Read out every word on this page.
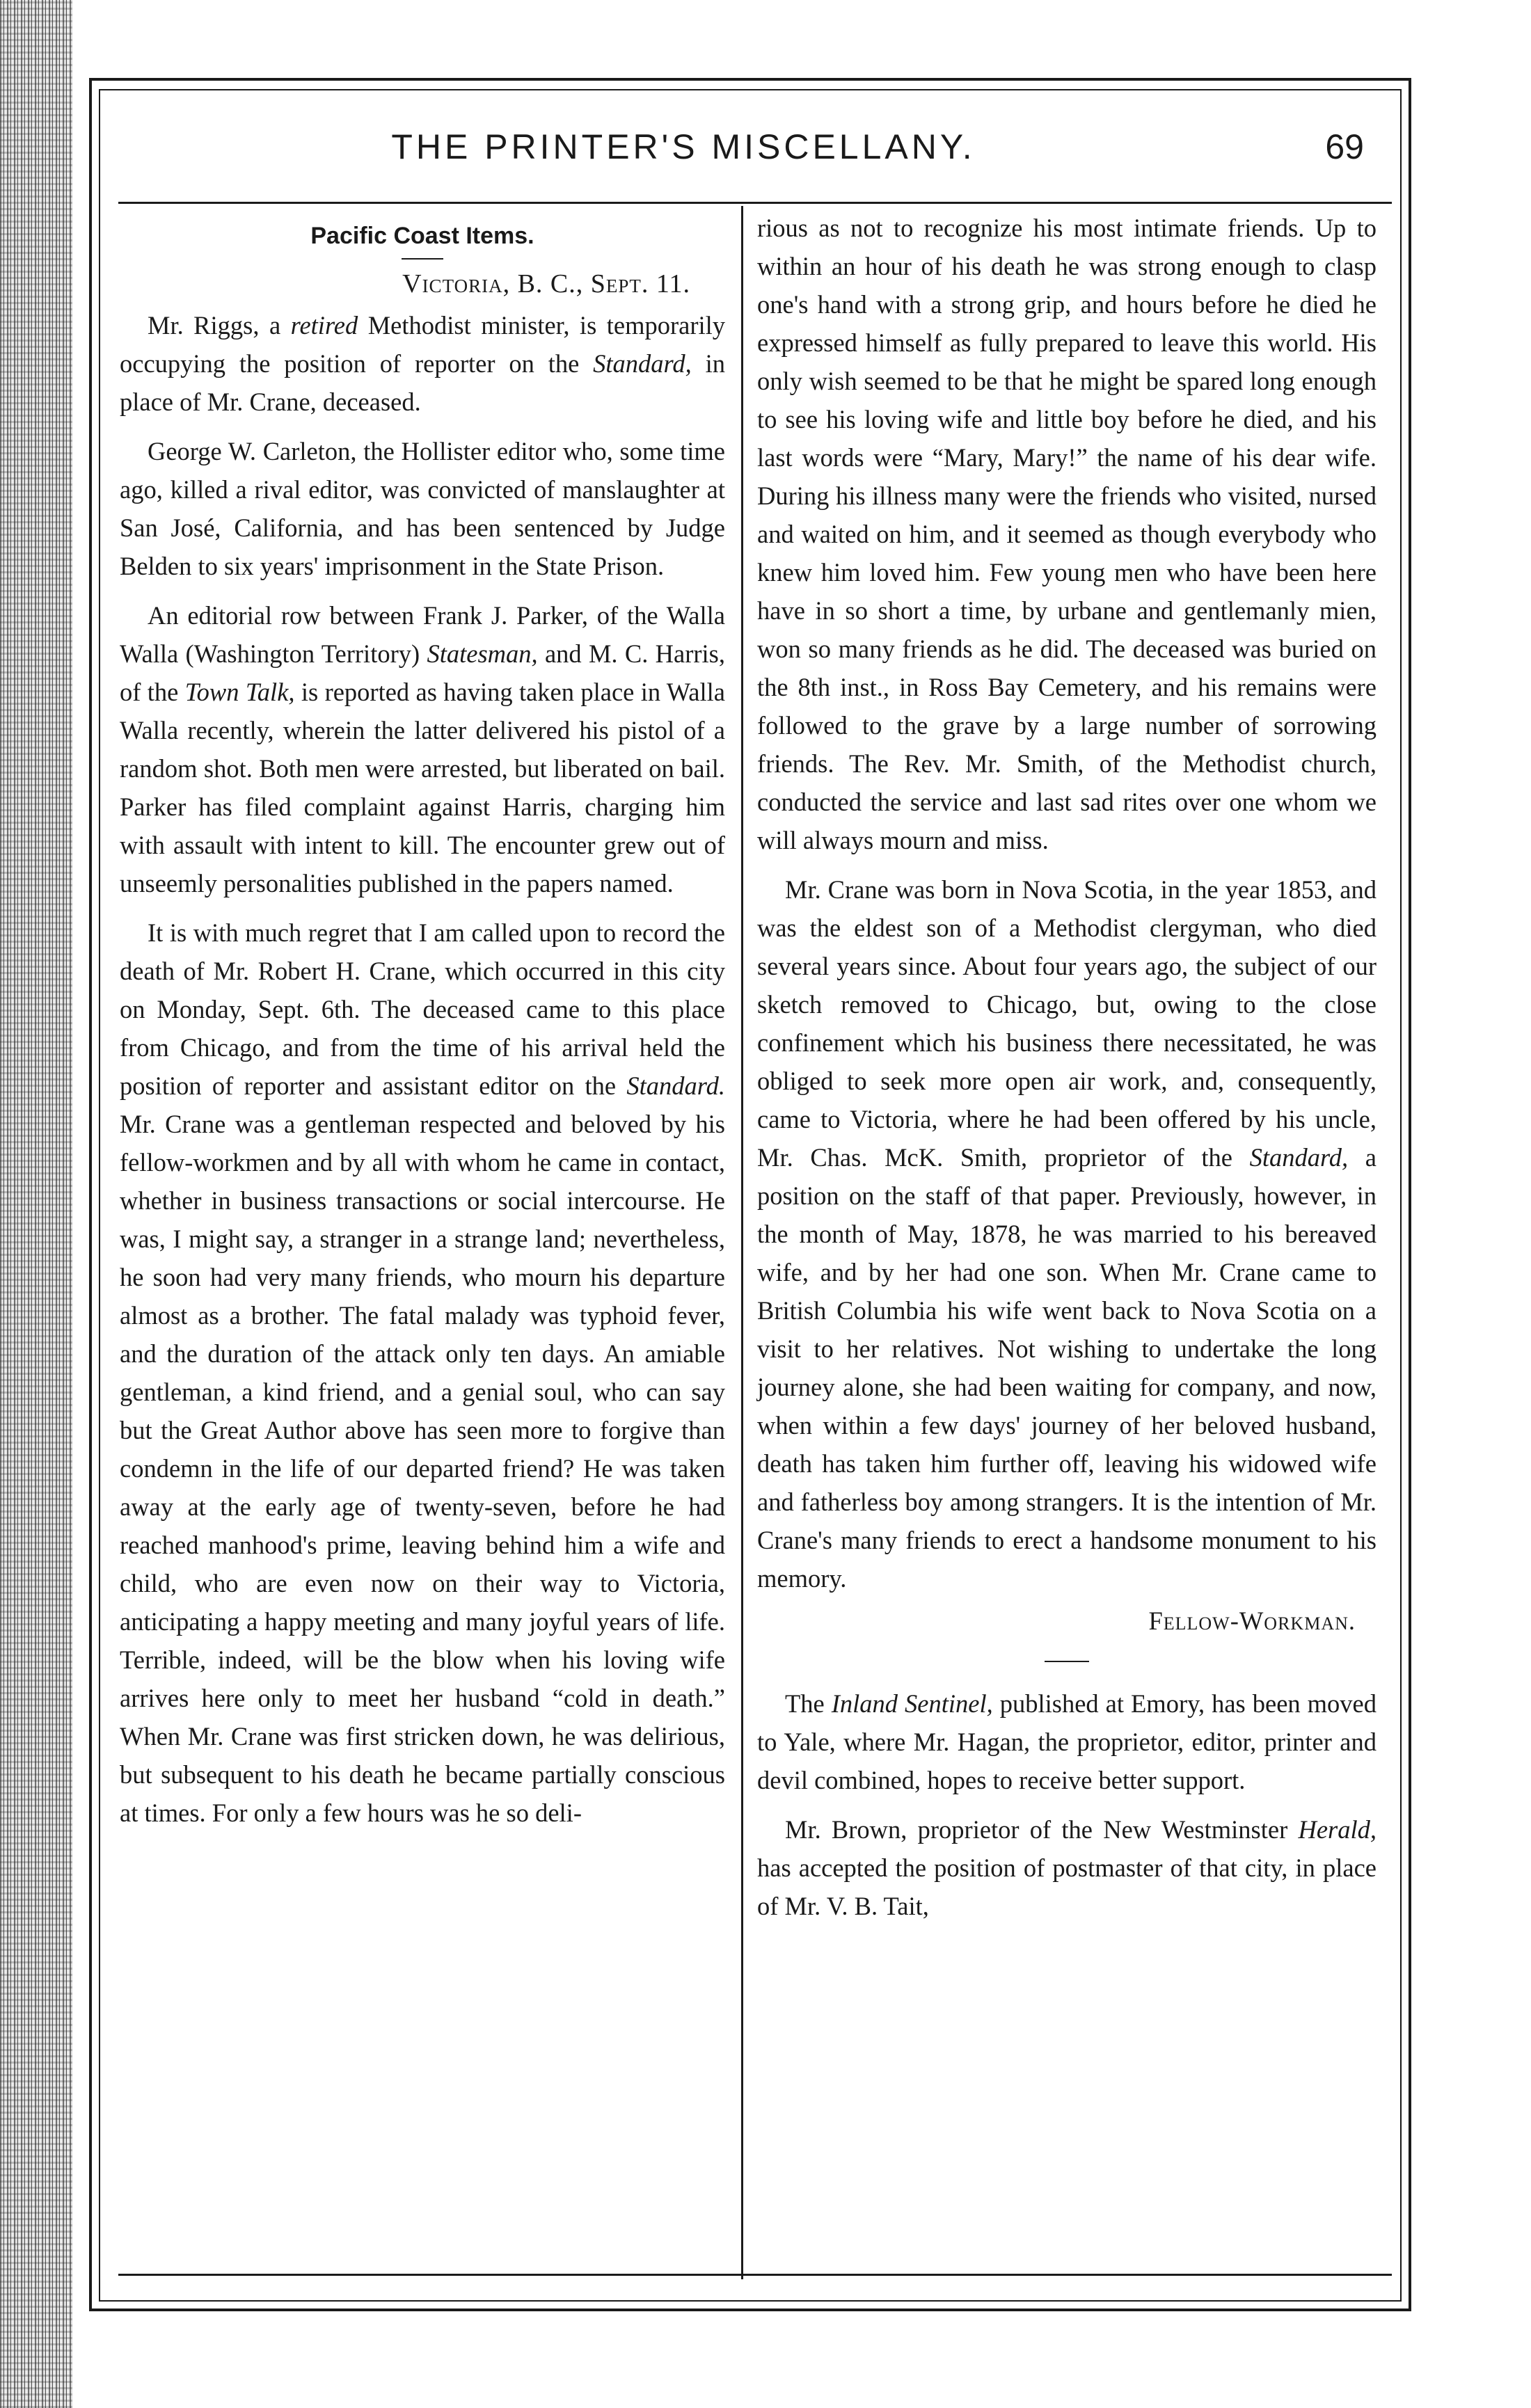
THE PRINTER'S MISCELLANY.	69
Pacific Coast Items.
Victoria, B. C., Sept. 11.

Mr. Riggs, a retired Methodist minister, is temporarily occupying the position of reporter on the Standard, in place of Mr. Crane, deceased.

George W. Carleton, the Hollister editor who, some time ago, killed a rival editor, was convicted of manslaughter at San José, California, and has been sentenced by Judge Belden to six years' imprisonment in the State Prison.

An editorial row between Frank J. Parker, of the Walla Walla (Washington Territory) Statesman, and M. C. Harris, of the Town Talk, is reported as having taken place in Walla Walla recently, wherein the latter delivered his pistol of a random shot. Both men were arrested, but liberated on bail. Parker has filed complaint against Harris, charging him with assault with intent to kill. The encounter grew out of unseemly personalities published in the papers named.

It is with much regret that I am called upon to record the death of Mr. Robert H. Crane, which occurred in this city on Monday, Sept. 6th. The deceased came to this place from Chicago, and from the time of his arrival held the position of reporter and assistant editor on the Standard. Mr. Crane was a gentleman respected and beloved by his fellow-workmen and by all with whom he came in contact, whether in business transactions or social intercourse. He was, I might say, a stranger in a strange land; nevertheless, he soon had very many friends, who mourn his departure almost as a brother. The fatal malady was typhoid fever, and the duration of the attack only ten days. An amiable gentleman, a kind friend, and a genial soul, who can say but the Great Author above has seen more to forgive than condemn in the life of our departed friend? He was taken away at the early age of twenty-seven, before he had reached manhood's prime, leaving behind him a wife and child, who are even now on their way to Victoria, anticipating a happy meeting and many joyful years of life. Terrible, indeed, will be the blow when his loving wife arrives here only to meet her husband “cold in death.” When Mr. Crane was first stricken down, he was delirious, but subsequent to his death he became partially conscious at times. For only a few hours was he so deli-

rious as not to recognize his most intimate friends. Up to within an hour of his death he was strong enough to clasp one's hand with a strong grip, and hours before he died he expressed himself as fully prepared to leave this world. His only wish seemed to be that he might be spared long enough to see his loving wife and little boy before he died, and his last words were “Mary, Mary!” the name of his dear wife. During his illness many were the friends who visited, nursed and waited on him, and it seemed as though everybody who knew him loved him. Few young men who have been here have in so short a time, by urbane and gentlemanly mien, won so many friends as he did. The deceased was buried on the 8th inst., in Ross Bay Cemetery, and his remains were followed to the grave by a large number of sorrowing friends. The Rev. Mr. Smith, of the Methodist church, conducted the service and last sad rites over one whom we will always mourn and miss.

Mr. Crane was born in Nova Scotia, in the year 1853, and was the eldest son of a Methodist clergyman, who died several years since. About four years ago, the subject of our sketch removed to Chicago, but, owing to the close confinement which his business there necessitated, he was obliged to seek more open air work, and, consequently, came to Victoria, where he had been offered by his uncle, Mr. Chas. McK. Smith, proprietor of the Standard, a position on the staff of that paper. Previously, however, in the month of May, 1878, he was married to his bereaved wife, and by her had one son. When Mr. Crane came to British Columbia his wife went back to Nova Scotia on a visit to her relatives. Not wishing to undertake the long journey alone, she had been waiting for company, and now, when within a few days' journey of her beloved husband, death has taken him further off, leaving his widowed wife and fatherless boy among strangers. It is the intention of Mr. Crane's many friends to erect a handsome monument to his memory.

Fellow-Workman.

The Inland Sentinel, published at Emory, has been moved to Yale, where Mr. Hagan, the proprietor, editor, printer and devil combined, hopes to receive better support.

Mr. Brown, proprietor of the New Westminster Herald, has accepted the position of postmaster of that city, in place of Mr. V. B. Tait,
